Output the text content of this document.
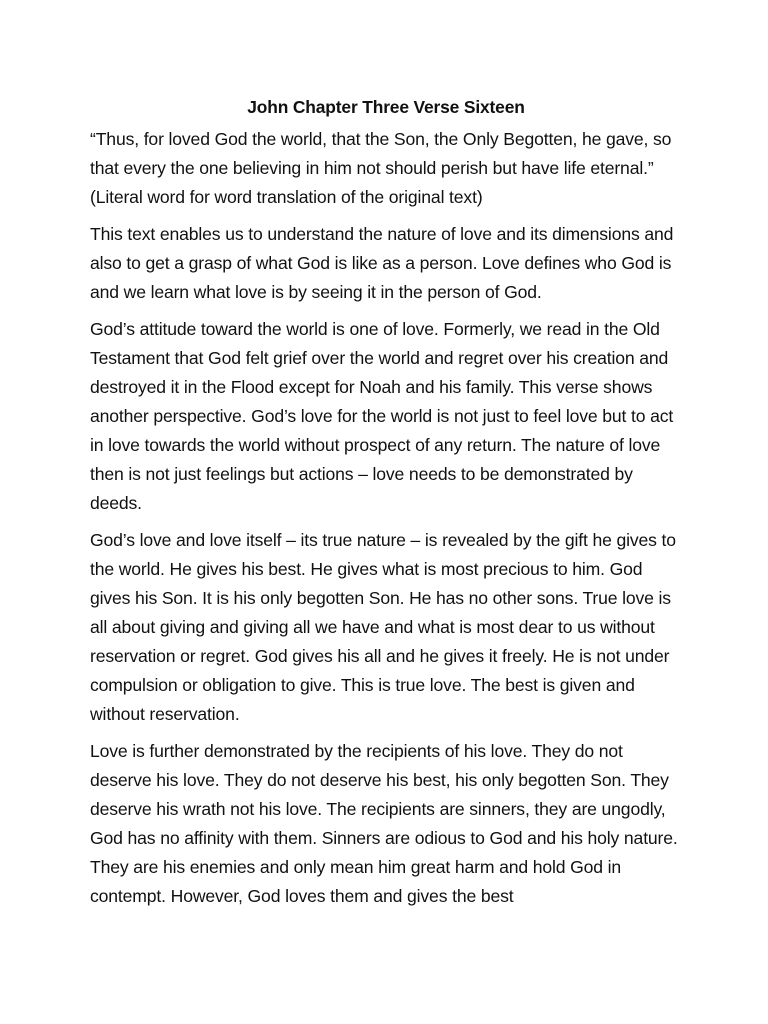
John Chapter Three Verse Sixteen

“Thus, for loved God the world, that the Son, the Only Begotten, he gave, so that every the one believing in him not should perish but have life eternal.” (Literal word for word translation of the original text)

This text enables us to understand the nature of love and its dimensions and also to get a grasp of what God is like as a person. Love defines who God is and we learn what love is by seeing it in the person of God.

God’s attitude toward the world is one of love. Formerly, we read in the Old Testament that God felt grief over the world and regret over his creation and destroyed it in the Flood except for Noah and his family. This verse shows another perspective. God’s love for the world is not just to feel love but to act in love towards the world without prospect of any return. The nature of love then is not just feelings but actions – love needs to be demonstrated by deeds.

God’s love and love itself – its true nature – is revealed by the gift he gives to the world. He gives his best. He gives what is most precious to him. God gives his Son. It is his only begotten Son. He has no other sons. True love is all about giving and giving all we have and what is most dear to us without reservation or regret. God gives his all and he gives it freely. He is not under compulsion or obligation to give. This is true love. The best is given and without reservation.

Love is further demonstrated by the recipients of his love. They do not deserve his love. They do not deserve his best, his only begotten Son. They deserve his wrath not his love. The recipients are sinners, they are ungodly, God has no affinity with them. Sinners are odious to God and his holy nature. They are his enemies and only mean him great harm and hold God in contempt. However, God loves them and gives the best
